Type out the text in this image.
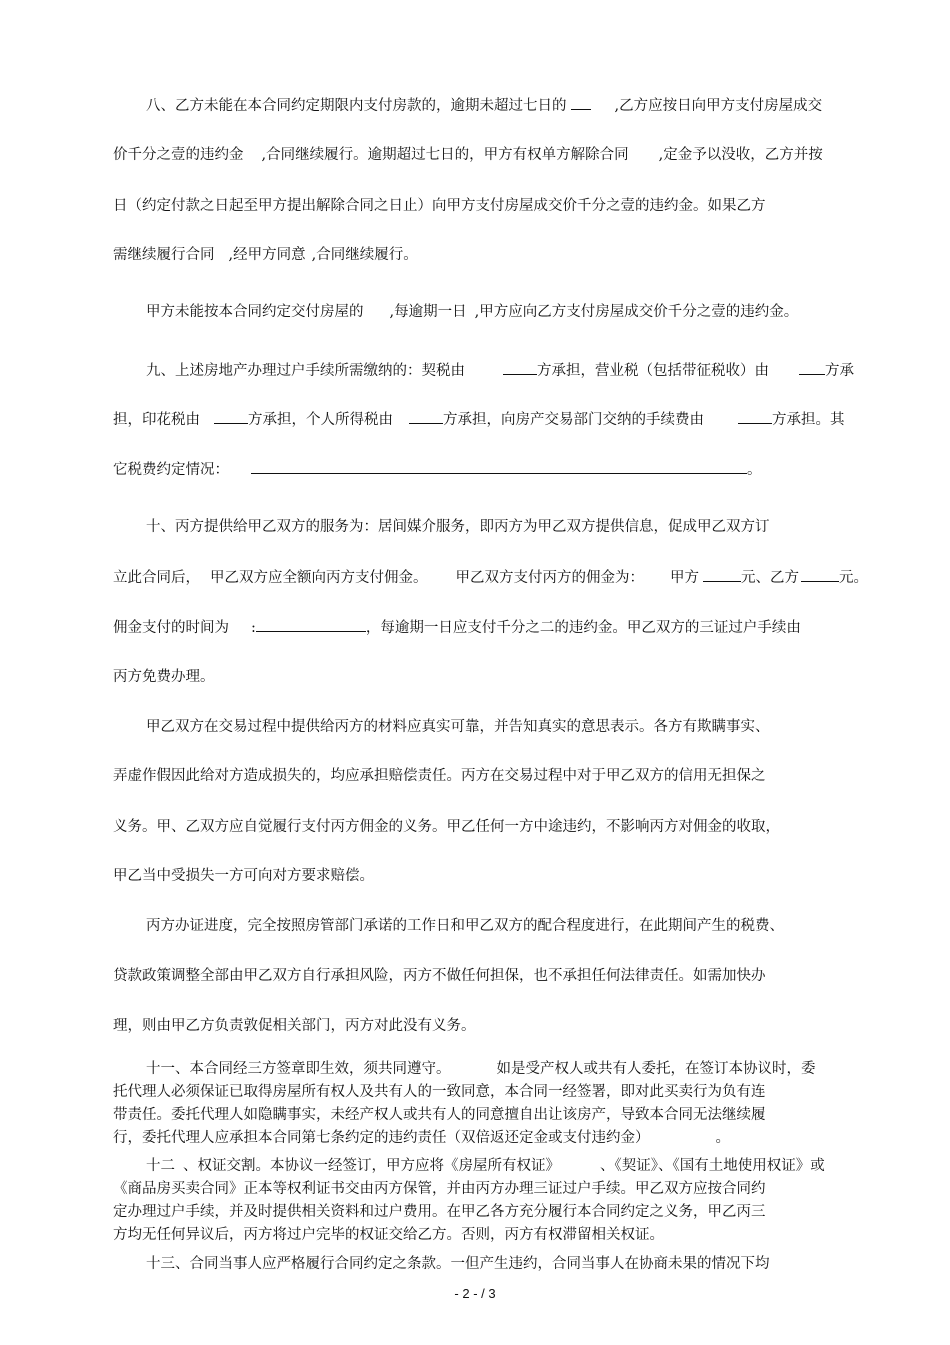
八、乙方未能在本合同约定期限内支付房款的，逾期未超过七日的	,乙方应按日向甲方支付房屋成交
价千分之壹的违约金 ,合同继续履行。逾期超过七日的，甲方有权单方解除合同 ,定金予以没收，乙方并按
日（约定付款之日起至甲方提出解除合同之日止）向甲方支付房屋成交价千分之壹的违约金。如果乙方
需继续履行合同 ,经甲方同意 ,合同继续履行。
甲方未能按本合同约定交付房屋的 ,每逾期一日 ,甲方应向乙方支付房屋成交价千分之壹的违约金。
九、上述房地产办理过户手续所需缴纳的：契税由	方承担，营业税（包括带征税收）由	方承
担，印花税由	方承担，个人所得税由	方承担，向房产交易部门交纳的手续费由	方承担。其
它税费约定情况：	。
十、丙方提供给甲乙双方的服务为：居间媒介服务，即丙方为甲乙双方提供信息，促成甲乙双方订
立此合同后， 甲乙双方应全额向丙方支付佣金。 甲乙双方支付丙方的佣金为： 甲方	元、乙方	元。
佣金支付的时间为 :	，每逾期一日应支付千分之二的违约金。甲乙双方的三证过户手续由
丙方免费办理。
甲乙双方在交易过程中提供给丙方的材料应真实可靠，并告知真实的意思表示。各方有欺瞒事实、
弄虚作假因此给对方造成损失的，均应承担赔偿责任。丙方在交易过程中对于甲乙双方的信用无担保之
义务。甲、乙双方应自觉履行支付丙方佣金的义务。甲乙任何一方中途违约，不影响丙方对佣金的收取，
甲乙当中受损失一方可向对方要求赔偿。
丙方办证进度，完全按照房管部门承诺的工作日和甲乙双方的配合程度进行，在此期间产生的税费、
贷款政策调整全部由甲乙双方自行承担风险，丙方不做任何担保，也不承担任何法律责任。如需加快办
理，则由甲乙方负责敦促相关部门，丙方对此没有义务。
十一、本合同经三方签章即生效，须共同遵守。	如是受产权人或共有人委托，在签订本协议时，委
托代理人必须保证已取得房屋所有权人及共有人的一致同意，本合同一经签署，即对此买卖行为负有连
带责任。委托代理人如隐瞒事实，未经产权人或共有人的同意擅自出让该房产，导致本合同无法继续履
行，委托代理人应承担本合同第七条约定的违约责任（双倍返还定金或支付违约金）	。
十二 、权证交割。本协议一经签订，甲方应将《房屋所有权证》	、《契证》、《国有土地使用权证》或
《商品房买卖合同》正本等权利证书交由丙方保管，并由丙方办理三证过户手续。甲乙双方应按合同约
定办理过户手续，并及时提供相关资料和过户费用。在甲乙各方充分履行本合同约定之义务，甲乙丙三
方均无任何异议后，丙方将过户完毕的权证交给乙方。否则，丙方有权滞留相关权证。
十三、合同当事人应严格履行合同约定之条款。一但产生违约，合同当事人在协商未果的情况下均
- 2 - / 3
